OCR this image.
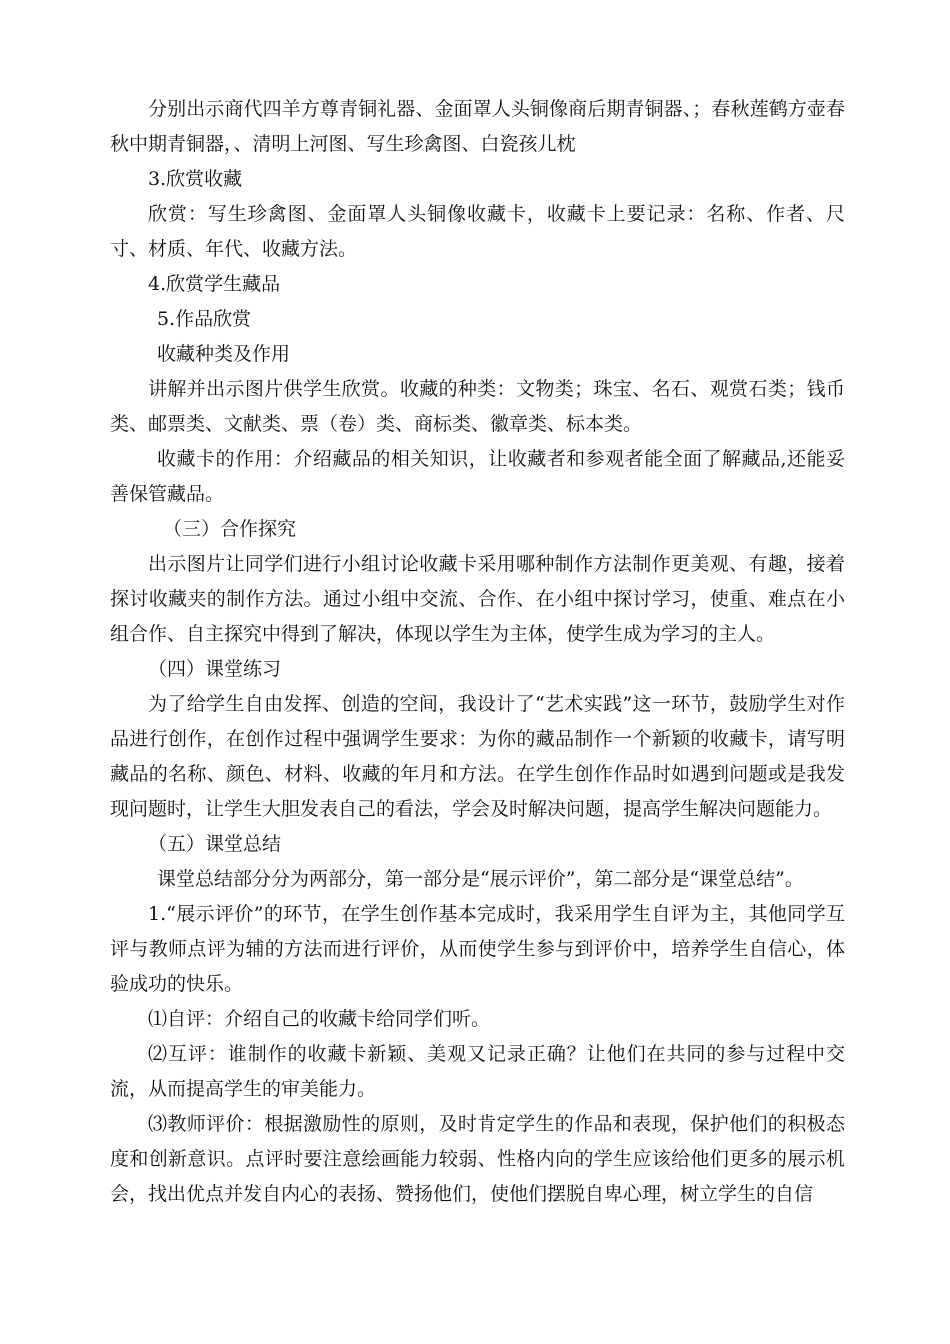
分别出示商代四羊方尊青铜礼器、金面罩人头铜像商后期青铜器、；春秋莲鹤方壶春秋中期青铜器，、清明上河图、写生珍禽图、白瓷孩儿枕

3.欣赏收藏

欣赏：写生珍禽图、金面罩人头铜像收藏卡，收藏卡上要记录：名称、作者、尺寸、材质、年代、收藏方法。

4.欣赏学生藏品

5.作品欣赏

收藏种类及作用

讲解并出示图片供学生欣赏。收藏的种类：文物类；珠宝、名石、观赏石类；钱币类、邮票类、文献类、票（卷）类、商标类、徽章类、标本类。

收藏卡的作用：介绍藏品的相关知识，让收藏者和参观者能全面了解藏品,还能妥善保管藏品。

（三）合作探究

出示图片让同学们进行小组讨论收藏卡采用哪种制作方法制作更美观、有趣，接着探讨收藏夹的制作方法。通过小组中交流、合作、在小组中探讨学习，使重、难点在小组合作、自主探究中得到了解决，体现以学生为主体，使学生成为学习的主人。

（四）课堂练习

为了给学生自由发挥、创造的空间，我设计了“艺术实践”这一环节，鼓励学生对作品进行创作，在创作过程中强调学生要求：为你的藏品制作一个新颖的收藏卡，请写明藏品的名称、颜色、材料、收藏的年月和方法。在学生创作作品时如遇到问题或是我发现问题时，让学生大胆发表自己的看法，学会及时解决问题，提高学生解决问题能力。

（五）课堂总结

课堂总结部分分为两部分，第一部分是“展示评价”，第二部分是“课堂总结”。

1.“展示评价”的环节，在学生创作基本完成时，我采用学生自评为主，其他同学互评与教师点评为辅的方法而进行评价，从而使学生参与到评价中，培养学生自信心，体验成功的快乐。

⑴自评：介绍自己的收藏卡给同学们听。

⑵互评：谁制作的收藏卡新颖、美观又记录正确？让他们在共同的参与过程中交流，从而提高学生的审美能力。

⑶教师评价：根据激励性的原则，及时肯定学生的作品和表现，保护他们的积极态度和创新意识。点评时要注意绘画能力较弱、性格内向的学生应该给他们更多的展示机会，找出优点并发自内心的表扬、赞扬他们，使他们摆脱自卑心理，树立学生的自信
